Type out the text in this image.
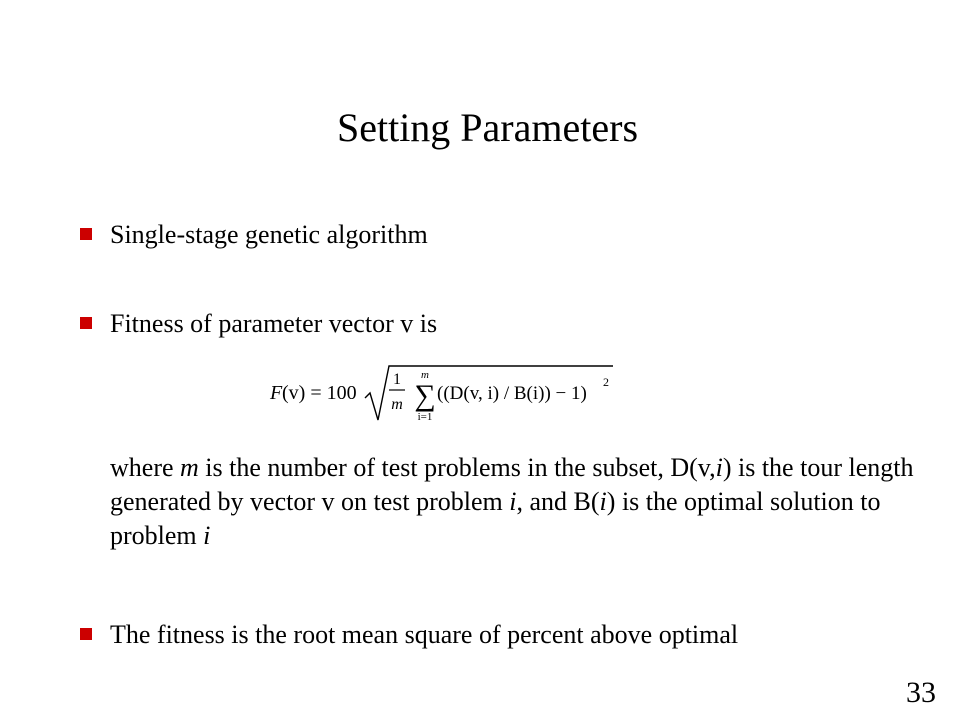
Setting Parameters
Single-stage genetic algorithm
Fitness of parameter vector v is
F (v) = 100
1
m
m
∑
i=1
((D(v, i) / B(i)) − 1)
2
where m is the number of test problems in the subset, D(v,i) is the tour length generated by vector v on test problem i, and B(i) is the optimal solution to problem i
The fitness is the root mean square of percent above optimal
33
